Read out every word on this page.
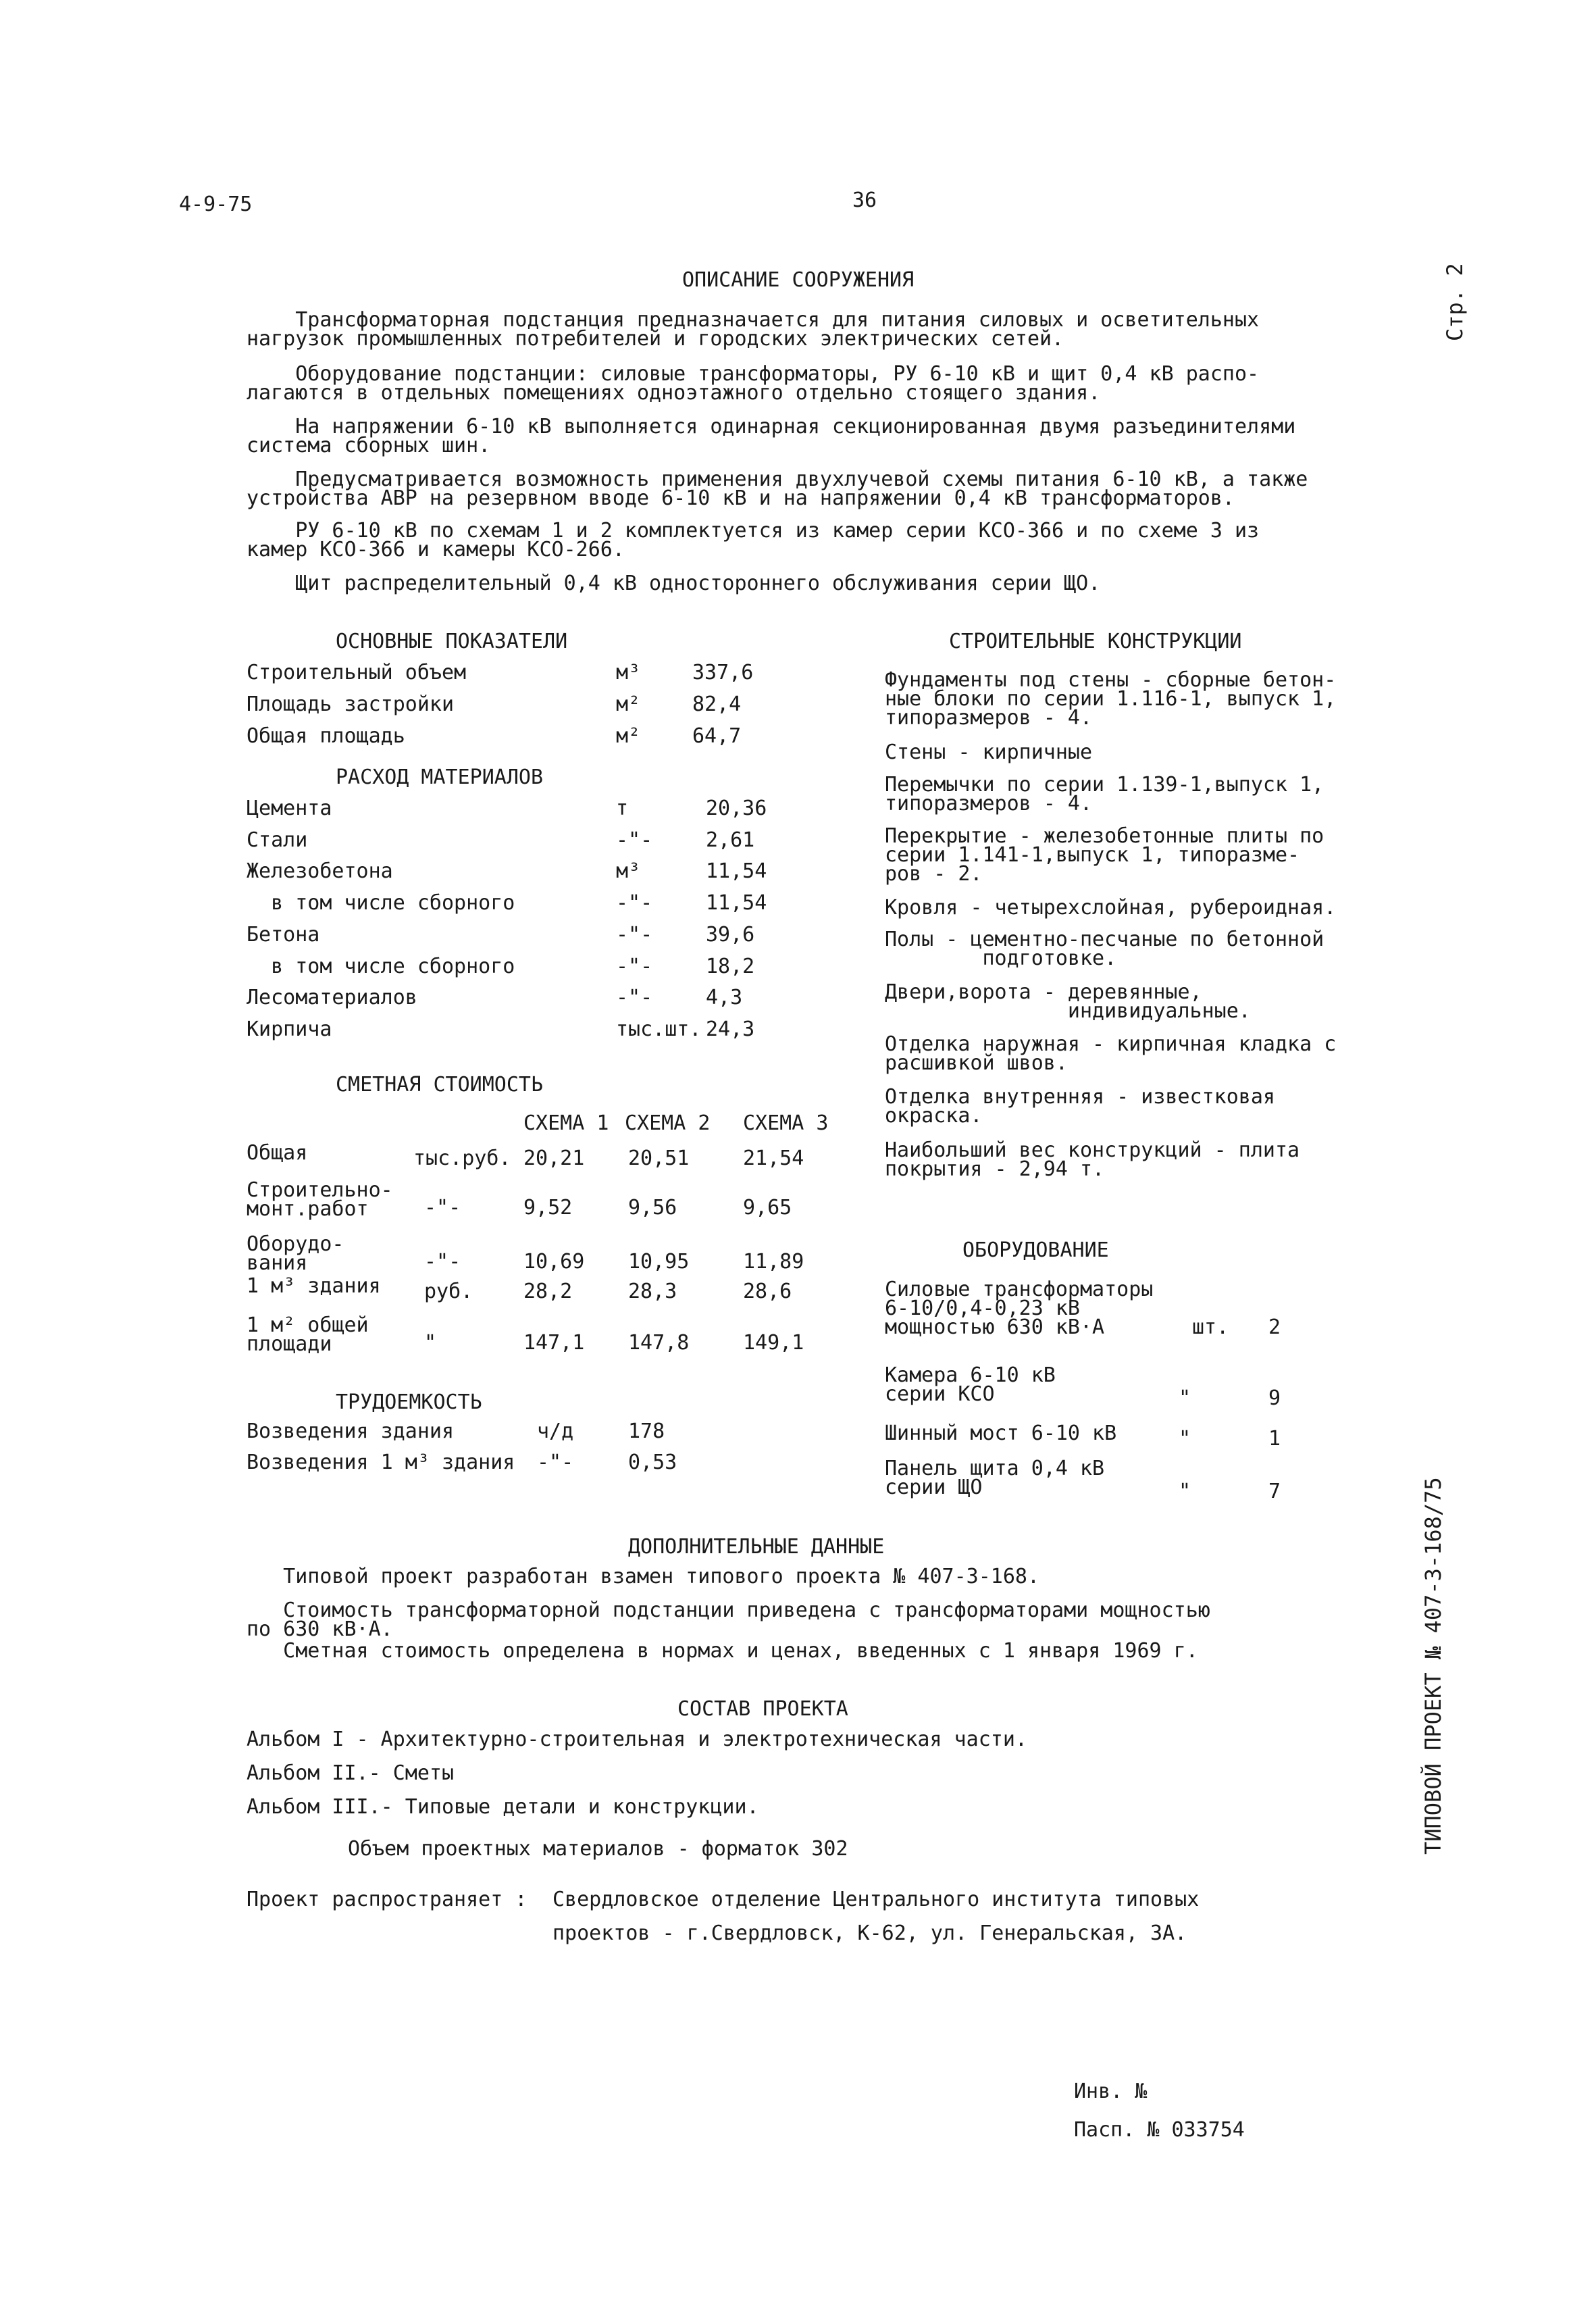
4-9-75	36
Стр. 2
ТИПОВОЙ ПРОЕКТ № 407-3-168/75
ОПИСАНИЕ СООРУЖЕНИЯ
Трансформаторная подстанция предназначается для питания силовых и осветительных
нагрузок промышленных потребителей и городских электрических сетей.
Оборудование подстанции: силовые трансформаторы, РУ 6-10 кВ и щит 0,4 кВ распо-
лагаются в отдельных помещениях одноэтажного отдельно стоящего здания.
На напряжении 6-10 кВ выполняется одинарная секционированная двумя разъединителями
система сборных шин.
Предусматривается возможность применения двухлучевой схемы питания 6-10 кВ, а также
устройства АВР на резервном вводе 6-10 кВ и на напряжении 0,4 кВ трансформаторов.
РУ 6-10 кВ по схемам 1 и 2 комплектуется из камер серии КСО-366 и по схеме 3 из
камер КСО-366 и камеры КСО-266.
Щит распределительный 0,4 кВ одностороннего обслуживания серии ЩО.
ОСНОВНЫЕ ПОКАЗАТЕЛИ
Строительный объем	м³	337,6
Площадь застройки	м²	82,4
Общая площадь	м²	64,7
РАСХОД МАТЕРИАЛОВ
Цемента	т	20,36
Стали	-"-	2,61
Железобетона	м³	11,54
в том числе сборного	-"-	11,54
Бетона	-"-	39,6
в том числе сборного	-"-	18,2
Лесоматериалов	-"-	4,3
Кирпича	тыс.шт. 24,3
СМЕТНАЯ СТОИМОСТЬ
СХЕМА 1 СХЕМА 2 СХЕМА 3
Общая	тыс.руб. 20,21 20,51	21,54
Строительно-
монт.работ	-"-	9,52	9,56	9,65
Оборудо-
вания	-"-	10,69 10,95	11,89
1 м³ здания руб. 28,2	28,3	28,6
1 м² общей
площади	"	147,1 147,8	149,1
ТРУДОЕМКОСТЬ
Возведения здания	ч/д	178
Возведения 1 м³ здания -"-	0,53
СТРОИТЕЛЬНЫЕ КОНСТРУКЦИИ
Фундаменты под стены - сборные бетон-
ные блоки по серии 1.116-1, выпуск 1,
типоразмеров - 4.
Стены - кирпичные
Перемычки по серии 1.139-1,выпуск 1,
типоразмеров - 4.
Перекрытие - железобетонные плиты по
серии 1.141-1,выпуск 1, типоразме-
ров - 2.
Кровля - четырехслойная, рубероидная.
Полы - цементно-песчаные по бетонной
подготовке.
Двери,ворота - деревянные,
индивидуальные.
Отделка наружная - кирпичная кладка с
расшивкой швов.
Отделка внутренняя - известковая
окраска.
Наибольший вес конструкций - плита
покрытия - 2,94 т.
ОБОРУДОВАНИЕ
Силовые трансформаторы
6-10/0,4-0,23 кВ
мощностью 630 кВ·А	шт. 2
Камера 6-10 кВ
серии КСО	"	9
Шинный мост 6-10 кВ	"	1
Панель щита 0,4 кВ
серии ЩО	"	7
ДОПОЛНИТЕЛЬНЫЕ ДАННЫЕ
Типовой проект разработан взамен типового проекта № 407-3-168.
Стоимость трансформаторной подстанции приведена с трансформаторами мощностью
по 630 кВ·А.
Сметная стоимость определена в нормах и ценах, введенных с 1 января 1969 г.
СОСТАВ ПРОЕКТА
Альбом I - Архитектурно-строительная и электротехническая части.
Альбом II.- Сметы
Альбом III.- Типовые детали и конструкции.
Объем проектных материалов - форматок 302
Проект распространяет : Свердловское отделение Центрального института типовых
проектов - г.Свердловск, К-62, ул. Генеральская, 3А.
Инв. №
Пасп. № 033754
